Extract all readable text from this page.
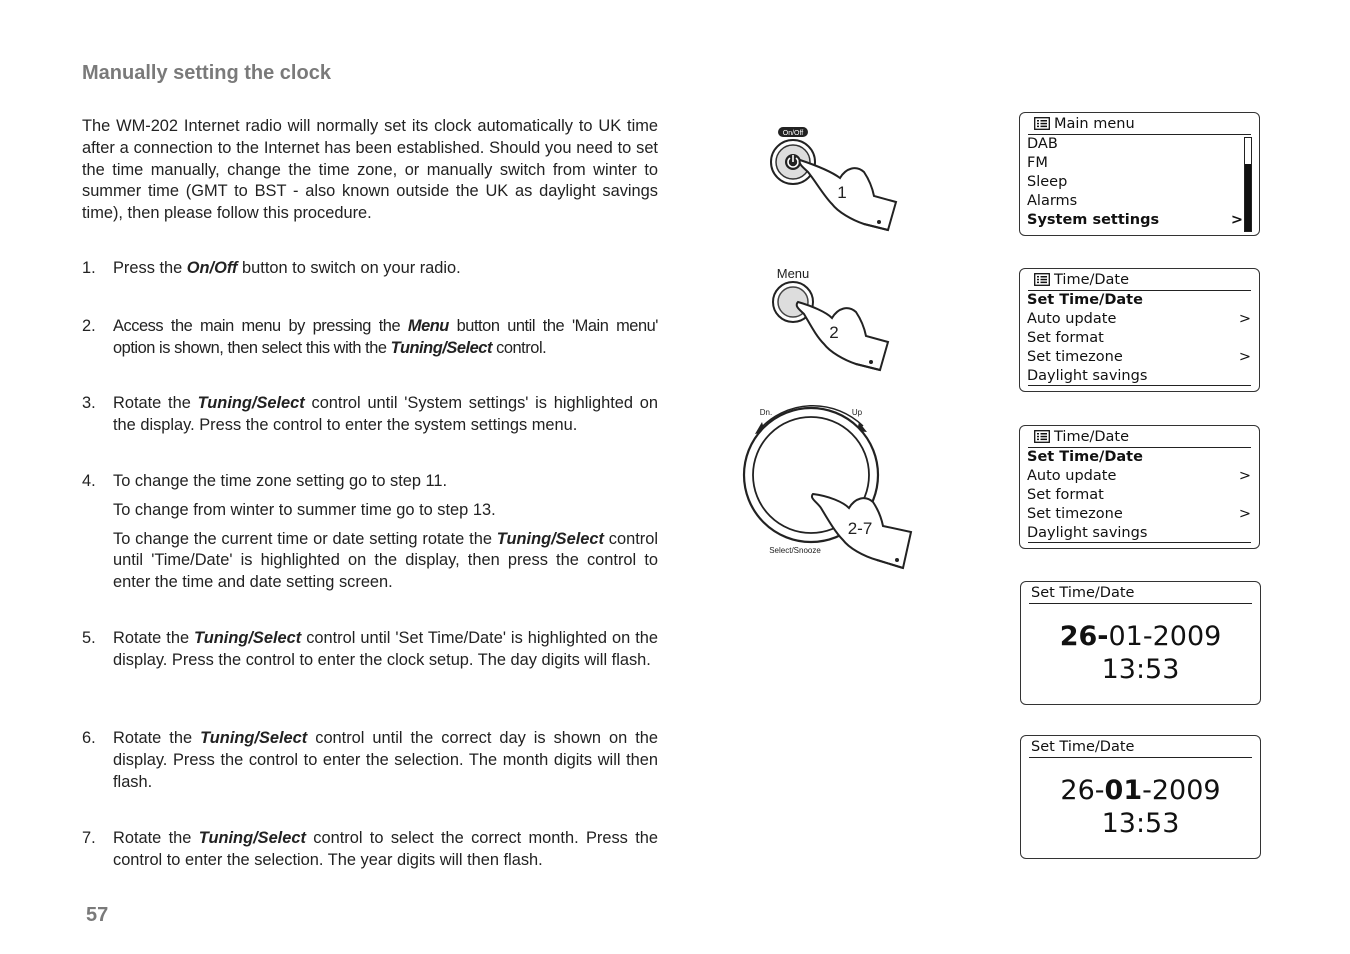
Manually setting the clock
The WM-202 Internet radio will normally set its clock automatically to UK time after a connection to the Internet has been established. Should you need to set the time manually, change the time zone, or manually switch from winter to summer time (GMT to BST - also known outside the UK as daylight savings time), then please follow this procedure.
1. Press the On/Off button to switch on your radio.
2. Access the main menu by pressing the Menu button until the 'Main menu' option is shown, then select this with the Tuning/Select control.
3. Rotate the Tuning/Select control until 'System settings' is highlighted on the display. Press the control to enter the system settings menu.
4. To change the time zone setting go to step 11.

To change from winter to summer time go to step 13.

To change the current time or date setting rotate the Tuning/Select control until 'Time/Date' is highlighted on the display, then press the control to enter the time and date setting screen.

5. Rotate the Tuning/Select control until 'Set Time/Date' is highlighted on the display. Press the control to enter the clock setup. The day digits will flash.
6. Rotate the Tuning/Select control until the correct day is shown on the display. Press the control to enter the selection. The month digits will then flash.
7. Rotate the Tuning/Select control to select the correct month. Press the control to enter the selection. The year digits will then flash.
57
On/Off
1
Menu
2
Dn.	Up
Select/Snooze
2-7
Main menu
DAB
FM
Sleep
Alarms
System settings	>
Time/Date
Set Time/Date
Auto update	>
Set format
Set timezone	>
Daylight savings
Time/Date
Set Time/Date
Auto update	>
Set format
Set timezone	>
Daylight savings
Set Time/Date
26-01-2009
13:53
Set Time/Date
26-01-2009
13:53
